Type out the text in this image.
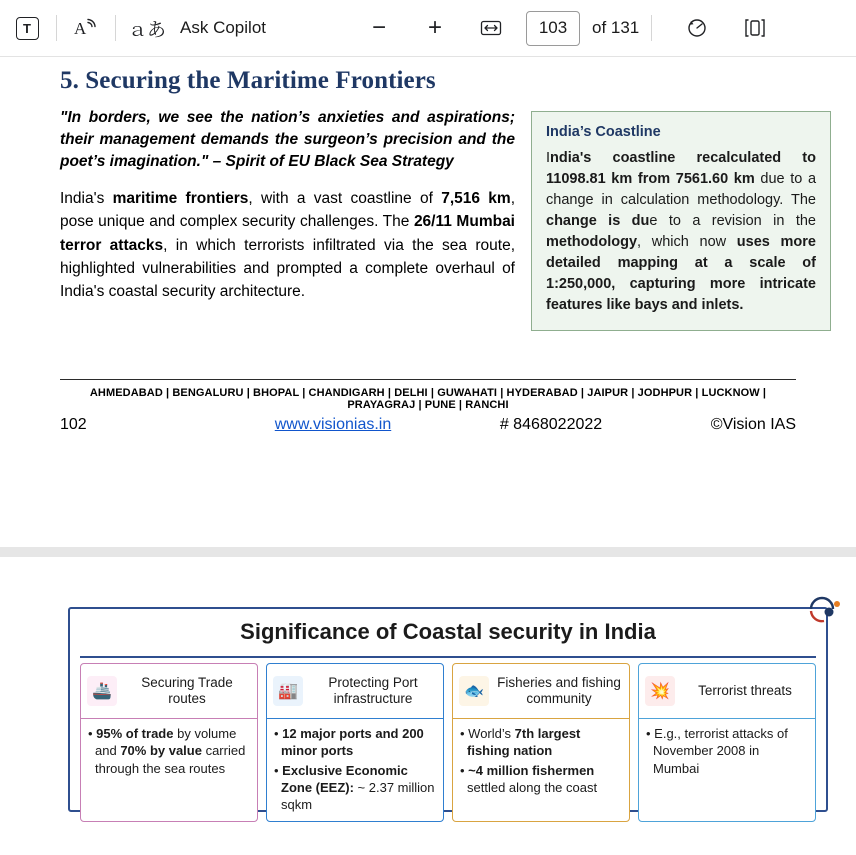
T	A ａあ Ask Copilot	− +
103	of 131
5. Securing the Maritime Frontiers

"In borders, we see the nation’s anxieties and aspirations; their management demands the surgeon’s precision and the poet’s imagination." – Spirit of EU Black Sea Strategy

India's maritime frontiers, with a vast coastline of 7,516 km, pose unique and complex security challenges. The 26/11 Mumbai terror attacks, in which terrorists infiltrated via the sea route, highlighted vulnerabilities and prompted a complete overhaul of India's coastal security architecture.

India’s Coastline
India's coastline recalculated to 11098.81 km from 7561.60 km due to a change in calculation methodology. The change is due to a revision in the methodology, which now uses more detailed mapping at a scale of 1:250,000, capturing more intricate features like bays and inlets.
AHMEDABAD | BENGALURU | BHOPAL | CHANDIGARH | DELHI | GUWAHATI | HYDERABAD | JAIPUR | JODHPUR | LUCKNOW | PRAYAGRAJ | PUNE | RANCHI
102	www.visionias.in	# 8468022022	©Vision IAS
Significance of Coastal security in India
🚢
Securing Trade routes
• 95% of trade by volume and 70% by value carried through the sea routes
🏭
Protecting Port infrastructure
• 12 major ports and 200 minor ports
• Exclusive Economic Zone (EEZ): ~ 2.37 million sqkm
🐟
Fisheries and fishing community
• World’s 7th largest fishing nation
• ~4 million fishermen settled along the coast
💥	Terrorist threats
• E.g., terrorist attacks of November 2008 in Mumbai
